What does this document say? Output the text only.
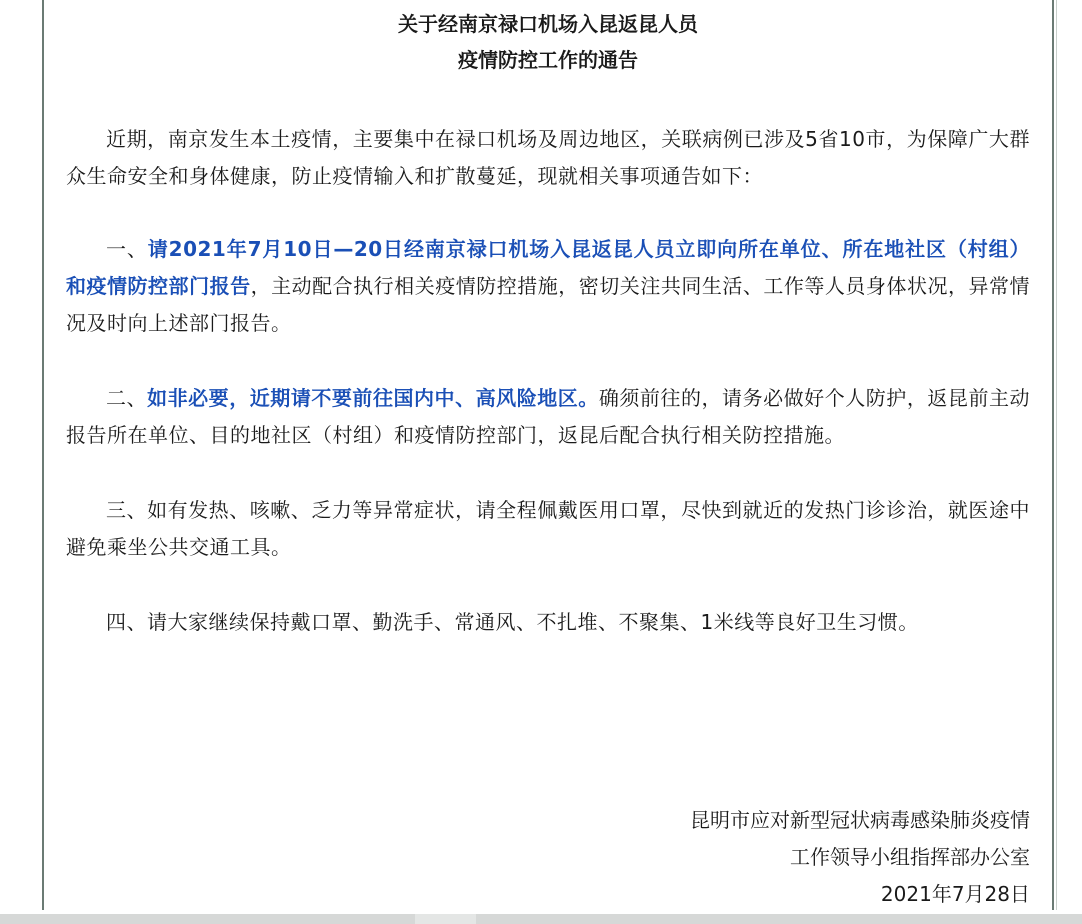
关于经南京禄口机场入昆返昆人员
疫情防控工作的通告

近期，南京发生本土疫情，主要集中在禄口机场及周边地区，关联病例已涉及5省10市，为保障广大群众生命安全和身体健康，防止疫情输入和扩散蔓延，现就相关事项通告如下：

一、请2021年7月10日—20日经南京禄口机场入昆返昆人员立即向所在单位、所在地社区（村组）和疫情防控部门报告，主动配合执行相关疫情防控措施，密切关注共同生活、工作等人员身体状况，异常情况及时向上述部门报告。

二、如非必要，近期请不要前往国内中、高风险地区。确须前往的，请务必做好个人防护，返昆前主动报告所在单位、目的地社区（村组）和疫情防控部门，返昆后配合执行相关防控措施。

三、如有发热、咳嗽、乏力等异常症状，请全程佩戴医用口罩，尽快到就近的发热门诊诊治，就医途中避免乘坐公共交通工具。

四、请大家继续保持戴口罩、勤洗手、常通风、不扎堆、不聚集、1米线等良好卫生习惯。

昆明市应对新型冠状病毒感染肺炎疫情
工作领导小组指挥部办公室
2021年7月28日
